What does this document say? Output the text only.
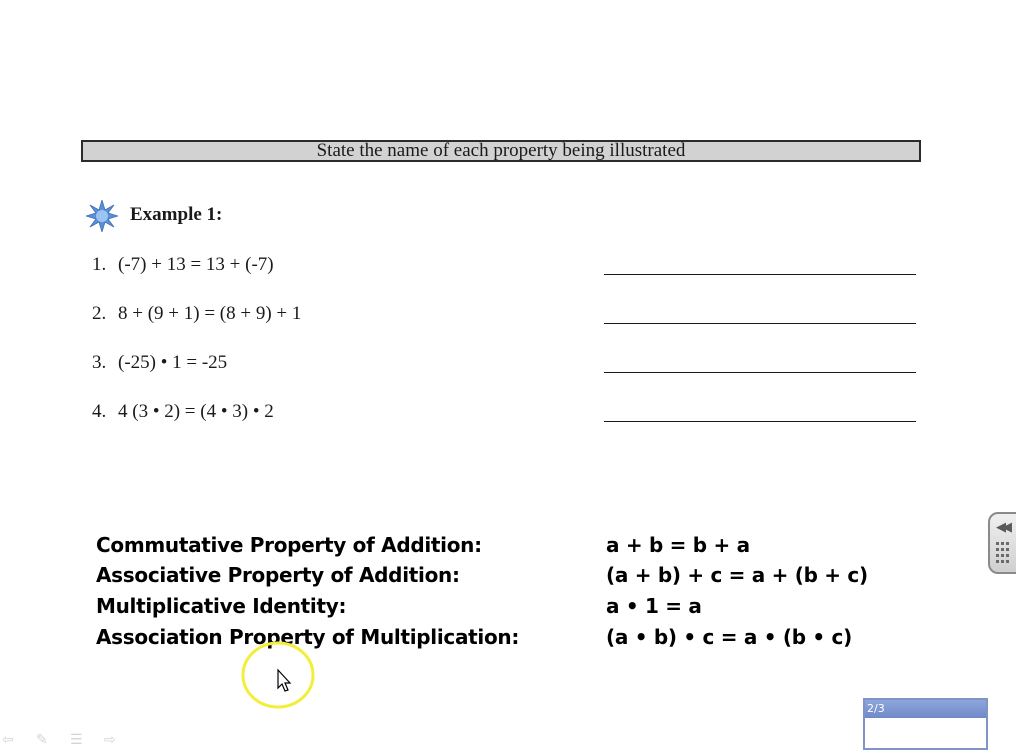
State the name of each property being illustrated
Example 1:
1. (-7) + 13 = 13 + (-7)
2. 8 + (9 + 1) = (8 + 9) + 1
3. (-25) • 1 = -25
4. 4 (3 • 2) = (4 • 3) • 2
Commutative Property of Addition:	a + b = b + a
Associative Property of Addition:	(a + b) + c = a + (b + c)
Multiplicative Identity:	a • 1 = a
Association Property of Multiplication:	(a • b) • c = a • (b • c)
◀◀
2/3
⇦ ✎ ☰ ⇨
